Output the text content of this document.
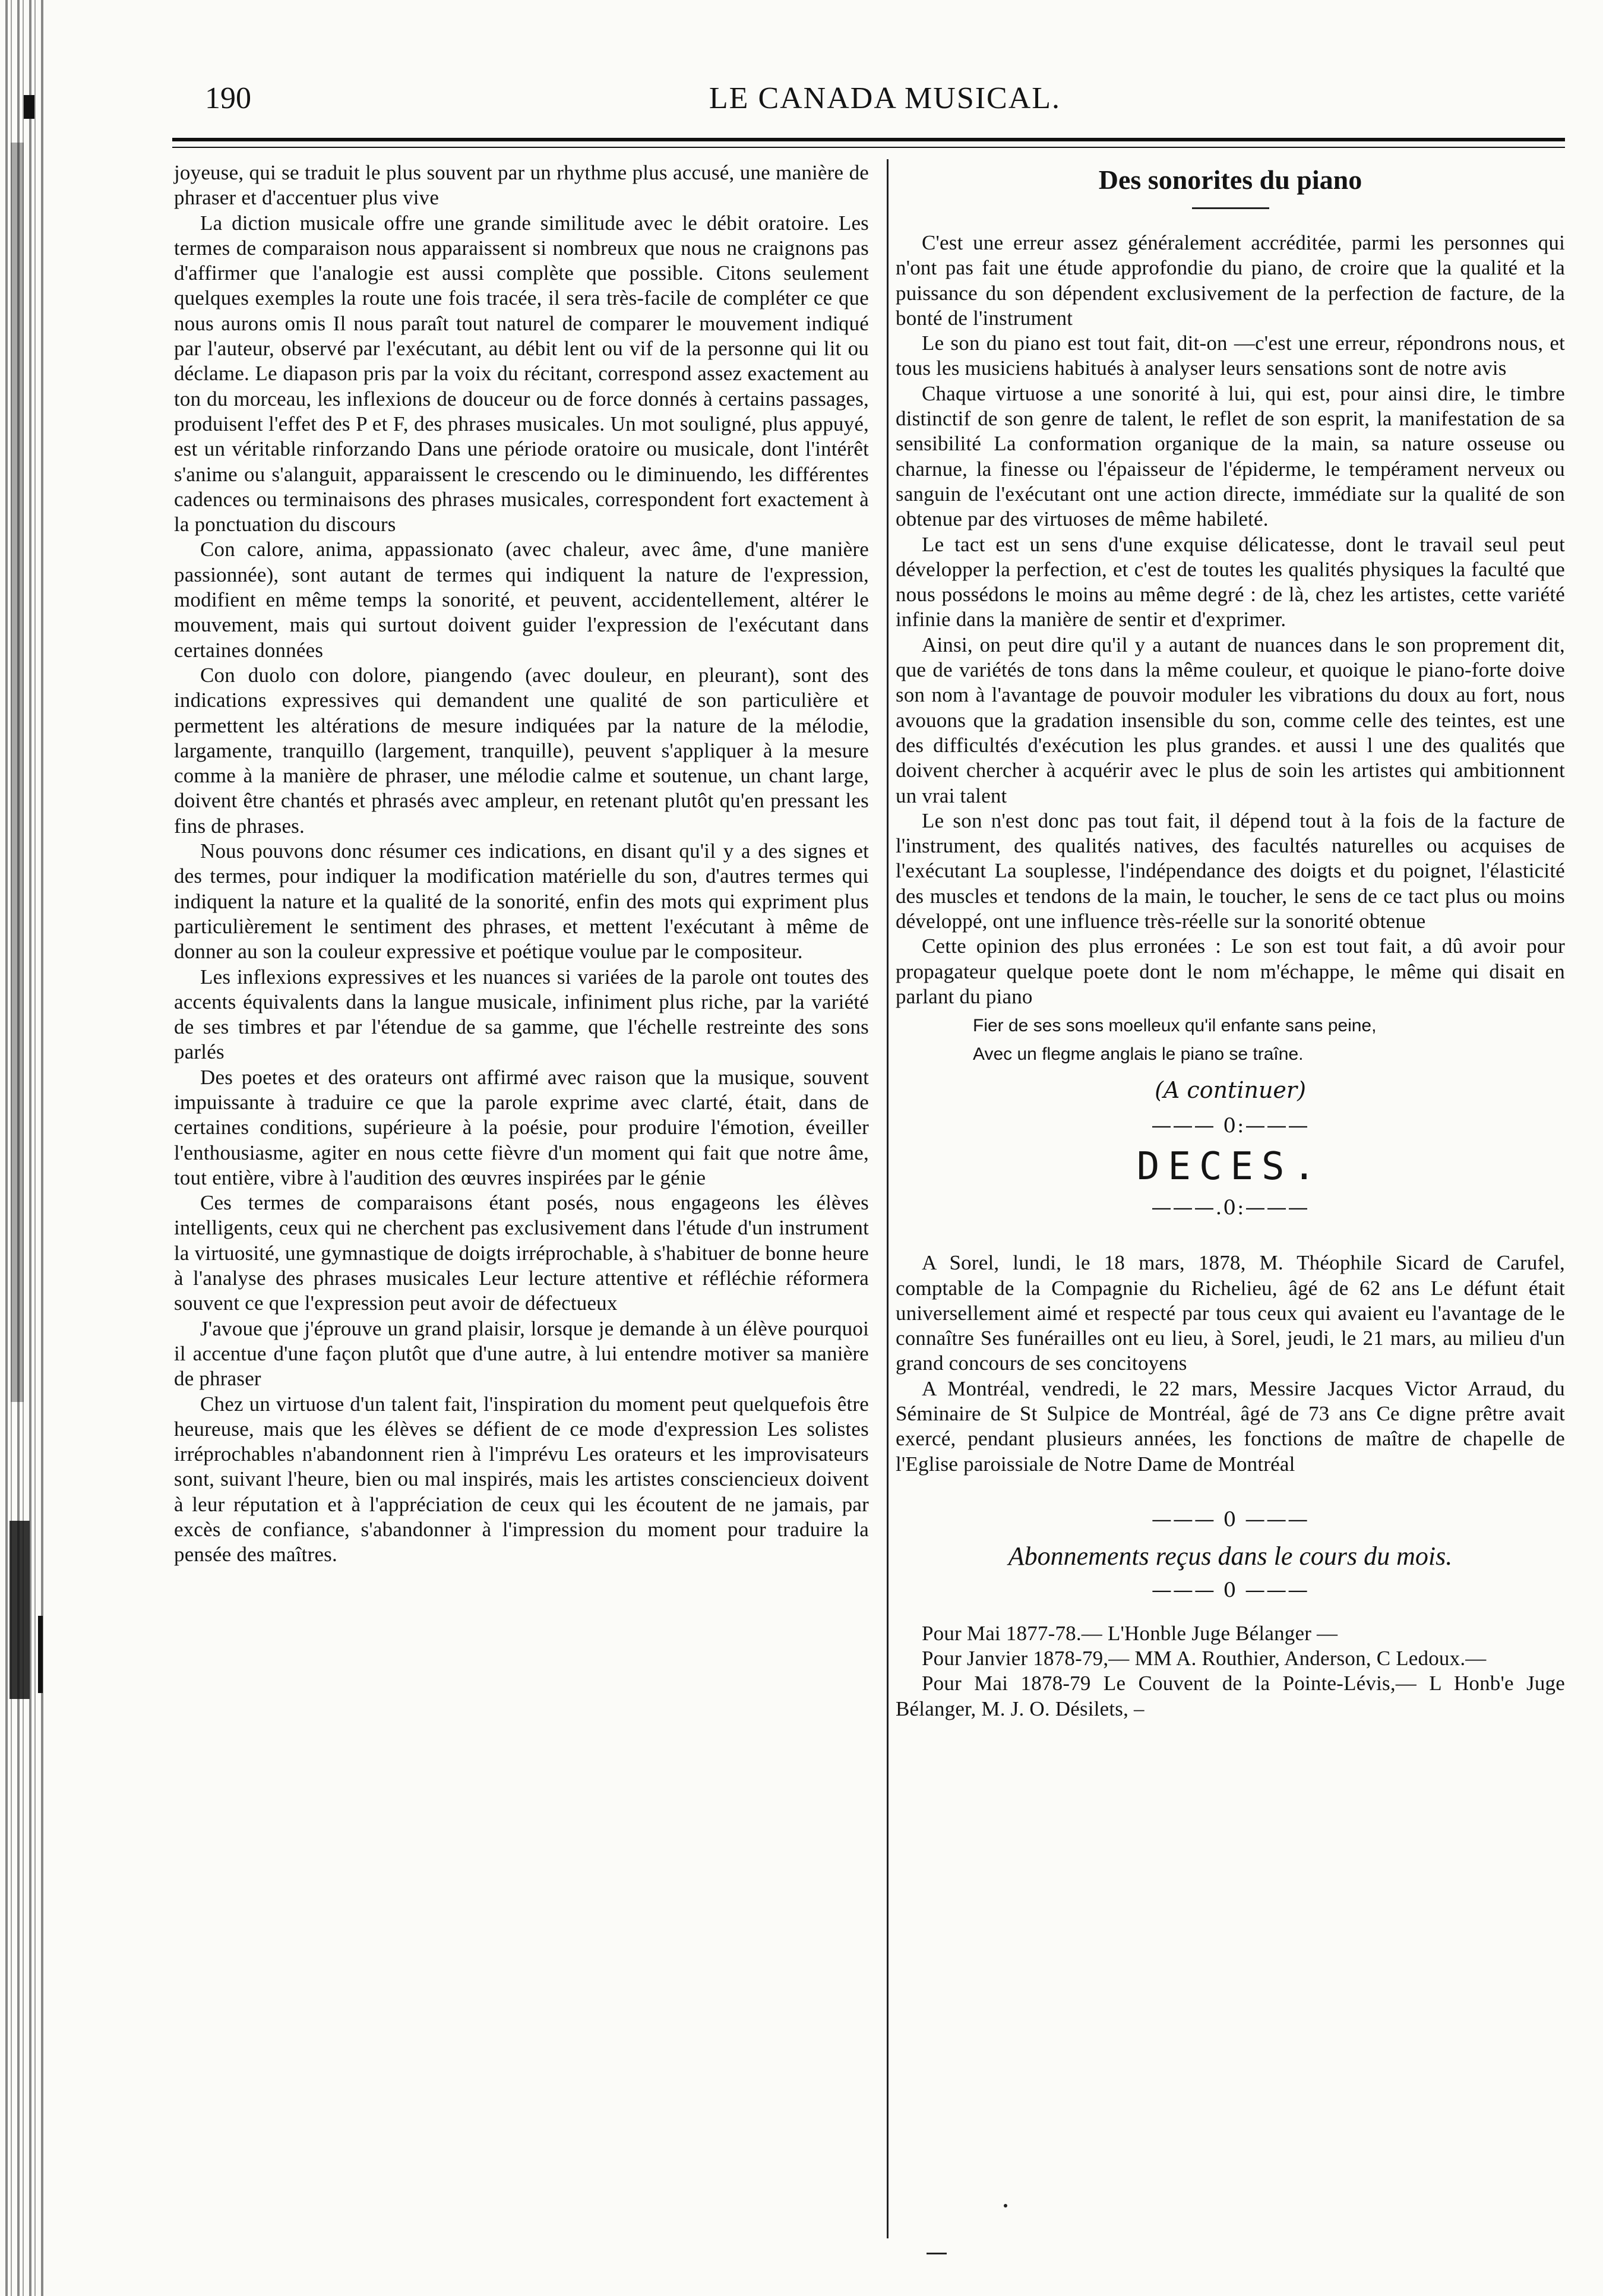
190	LE CANADA MUSICAL.

joyeuse, qui se traduit le plus souvent par un rhythme plus accusé, une manière de phraser et d'accentuer plus vive

La diction musicale offre une grande similitude avec le débit oratoire. Les termes de comparaison nous apparaissent si nombreux que nous ne craignons pas d'affirmer que l'analogie est aussi complète que possible. Citons seulement quelques exemples la route une fois tracée, il sera très-facile de compléter ce que nous aurons omis Il nous paraît tout naturel de comparer le mouvement indiqué par l'auteur, observé par l'exécutant, au débit lent ou vif de la personne qui lit ou déclame. Le diapason pris par la voix du récitant, correspond assez exactement au ton du morceau, les inflexions de douceur ou de force donnés à certains passages, produisent l'effet des P et F, des phrases musicales. Un mot souligné, plus appuyé, est un véritable rinforzando Dans une période oratoire ou musicale, dont l'intérêt s'anime ou s'alanguit, apparaissent le crescendo ou le diminuendo, les différentes cadences ou terminaisons des phrases musicales, correspondent fort exactement à la ponctuation du discours

Con calore, anima, appassionato (avec chaleur, avec âme, d'une manière passionnée), sont autant de termes qui indiquent la nature de l'expression, modifient en même temps la sonorité, et peuvent, accidentellement, altérer le mouvement, mais qui surtout doivent guider l'expression de l'exécutant dans certaines données

Con duolo con dolore, piangendo (avec douleur, en pleurant), sont des indications expressives qui demandent une qualité de son particulière et permettent les altérations de mesure indiquées par la nature de la mélodie, largamente, tranquillo (largement, tranquille), peuvent s'appliquer à la mesure comme à la manière de phraser, une mélodie calme et soutenue, un chant large, doivent être chantés et phrasés avec ampleur, en retenant plutôt qu'en pressant les fins de phrases.

Nous pouvons donc résumer ces indications, en disant qu'il y a des signes et des termes, pour indiquer la modification matérielle du son, d'autres termes qui indiquent la nature et la qualité de la sonorité, enfin des mots qui expriment plus particulièrement le sentiment des phrases, et mettent l'exécutant à même de donner au son la couleur expressive et poétique voulue par le compositeur.

Les inflexions expressives et les nuances si variées de la parole ont toutes des accents équivalents dans la langue musicale, infiniment plus riche, par la variété de ses timbres et par l'étendue de sa gamme, que l'échelle restreinte des sons parlés

Des poetes et des orateurs ont affirmé avec raison que la musique, souvent impuissante à traduire ce que la parole exprime avec clarté, était, dans de certaines conditions, supérieure à la poésie, pour produire l'émotion, éveiller l'enthousiasme, agiter en nous cette fièvre d'un moment qui fait que notre âme, tout entière, vibre à l'audition des œuvres inspirées par le génie

Ces termes de comparaisons étant posés, nous engageons les élèves intelligents, ceux qui ne cherchent pas exclusivement dans l'étude d'un instrument la virtuosité, une gymnastique de doigts irréprochable, à s'habituer de bonne heure à l'analyse des phrases musicales Leur lecture attentive et réfléchie réformera souvent ce que l'expression peut avoir de défectueux

J'avoue que j'éprouve un grand plaisir, lorsque je demande à un élève pourquoi il accentue d'une façon plutôt que d'une autre, à lui entendre motiver sa manière de phraser

Chez un virtuose d'un talent fait, l'inspiration du moment peut quelquefois être heureuse, mais que les élèves se défient de ce mode d'expression Les solistes irréprochables n'abandonnent rien à l'imprévu Les orateurs et les improvisateurs sont, suivant l'heure, bien ou mal inspirés, mais les artistes consciencieux doivent à leur réputation et à l'appréciation de ceux qui les écoutent de ne jamais, par excès de confiance, s'abandonner à l'impression du moment pour traduire la pensée des maîtres.

Des sonorites du piano

C'est une erreur assez généralement accréditée, parmi les personnes qui n'ont pas fait une étude approfondie du piano, de croire que la qualité et la puissance du son dépendent exclusivement de la perfection de facture, de la bonté de l'instrument

Le son du piano est tout fait, dit-on —c'est une erreur, répondrons nous, et tous les musiciens habitués à analyser leurs sensations sont de notre avis

Chaque virtuose a une sonorité à lui, qui est, pour ainsi dire, le timbre distinctif de son genre de talent, le reflet de son esprit, la manifestation de sa sensibilité La conformation organique de la main, sa nature osseuse ou charnue, la finesse ou l'épaisseur de l'épiderme, le tempérament nerveux ou sanguin de l'exécutant ont une action directe, immédiate sur la qualité de son obtenue par des virtuoses de même habileté.

Le tact est un sens d'une exquise délicatesse, dont le travail seul peut développer la perfection, et c'est de toutes les qualités physiques la faculté que nous possédons le moins au même degré : de là, chez les artistes, cette variété infinie dans la manière de sentir et d'exprimer.

Ainsi, on peut dire qu'il y a autant de nuances dans le son proprement dit, que de variétés de tons dans la même couleur, et quoique le piano-forte doive son nom à l'avantage de pouvoir moduler les vibrations du doux au fort, nous avouons que la gradation insensible du son, comme celle des teintes, est une des difficultés d'exécution les plus grandes. et aussi l une des qualités que doivent chercher à acquérir avec le plus de soin les artistes qui ambitionnent un vrai talent

Le son n'est donc pas tout fait, il dépend tout à la fois de la facture de l'instrument, des qualités natives, des facultés naturelles ou acquises de l'exécutant La souplesse, l'indépendance des doigts et du poignet, l'élasticité des muscles et tendons de la main, le toucher, le sens de ce tact plus ou moins développé, ont une influence très-réelle sur la sonorité obtenue

Cette opinion des plus erronées : Le son est tout fait, a dû avoir pour propagateur quelque poete dont le nom m'échappe, le même qui disait en parlant du piano

Fier de ses sons moelleux qu'il enfante sans peine,
Avec un flegme anglais le piano se traîne.
(A continuer)
——— 0:———
DECES.
———.0:———

A Sorel, lundi, le 18 mars, 1878, M. Théophile Sicard de Carufel, comptable de la Compagnie du Richelieu, âgé de 62 ans Le défunt était universellement aimé et respecté par tous ceux qui avaient eu l'avantage de le connaître Ses funérailles ont eu lieu, à Sorel, jeudi, le 21 mars, au milieu d'un grand concours de ses concitoyens

A Montréal, vendredi, le 22 mars, Messire Jacques Victor Arraud, du Séminaire de St Sulpice de Montréal, âgé de 73 ans Ce digne prêtre avait exercé, pendant plusieurs années, les fonctions de maître de chapelle de l'Eglise paroissiale de Notre Dame de Montréal

——— 0 ———
Abonnements reçus dans le cours du mois.
——— 0 ———

Pour Mai 1877-78.— L'Honble Juge Bélanger —

Pour Janvier 1878-79,— MM A. Routhier, Anderson, C Ledoux.—

Pour Mai 1878-79 Le Couvent de la Pointe-Lévis,— L Honb'e Juge Bélanger, M. J. O. Désilets, –
